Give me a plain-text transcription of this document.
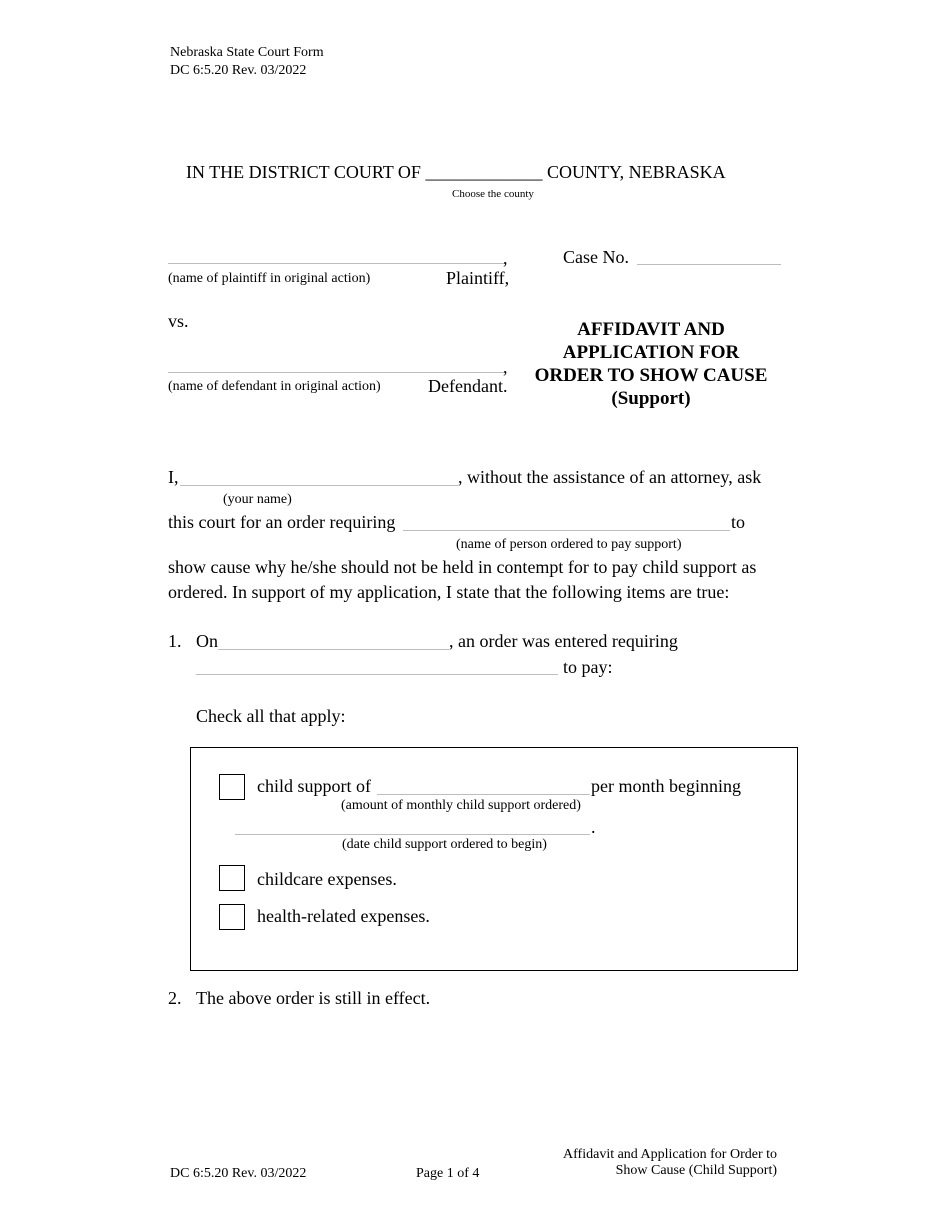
Nebraska State Court Form
DC 6:5.20 Rev. 03/2022
IN THE DISTRICT COURT OF _____________ COUNTY, NEBRASKA
Choose the county
,
(name of plaintiff in original action)	Plaintiff,
Case No.
vs.
,
(name of defendant in original action)	Defendant.
AFFIDAVIT AND
APPLICATION FOR
ORDER TO SHOW CAUSE
(Support)
I,	, without the assistance of an attorney, ask
(your name)
this court for an order requiring	to
(name of person ordered to pay support)
show cause why he/she should not be held in contempt for to pay child support as
ordered. In support of my application, I state that the following items are true:
1. On	, an order was entered requiring
to pay:
Check all that apply:
child support of	per month beginning
(amount of monthly child support ordered)
.
(date child support ordered to begin)
childcare expenses.
health-related expenses.
2. The above order is still in effect.
DC 6:5.20 Rev. 03/2022	Page 1 of 4
Affidavit and Application for Order to
Show Cause (Child Support)
